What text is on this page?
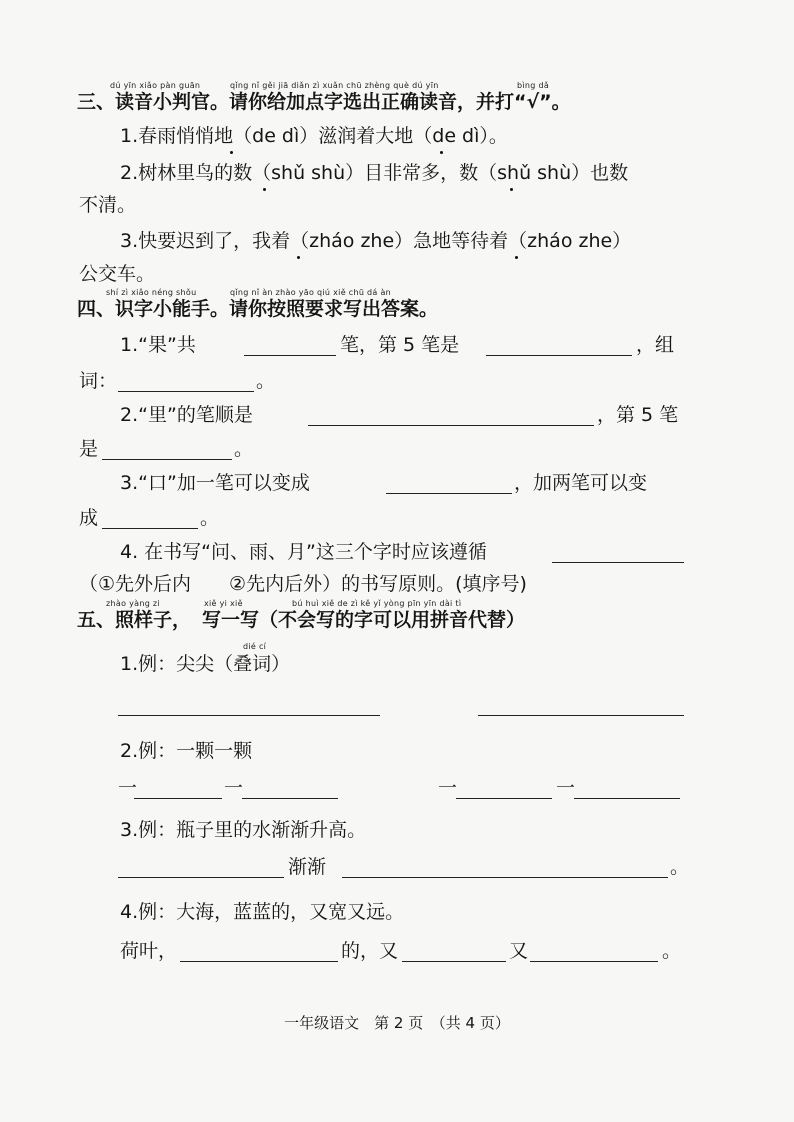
dú yīn xiǎo pàn guān	qǐng nǐ gěi jiā diǎn zì xuǎn chū zhèng què dú yīn	bìng dǎ
三、读音小判官。请你给加点字选出正确读音，并打“√”。
1.春雨悄悄地（de dì）滋润着大地（de dì）。
2.树林里鸟的数（shǔ shù）目非常多，数（shǔ shù）也数
不清。
3.快要迟到了，我着（zháo zhe）急地等待着（zháo zhe）
公交车。
shí zì xiǎo néng shǒu	qǐng nǐ àn zhào yāo qiú xiě chū dá àn
四、识字小能手。请你按照要求写出答案。
1.“果”共	笔，第 5 笔是	，组
词：	。
2.“里”的笔顺是	，第 5 笔
是	。
3.“口”加一笔可以变成	，加两笔可以变
成	。
4. 在书写“问、雨、月”这三个字时应该遵循
（①先外后内　　②先内后外）的书写原则。(填序号)
zhào yàng zi	xiě yi xiě	bú huì xiě de zì kě yǐ yòng pīn yīn dài tì
五、照样子， 写一写（不会写的字可以用拼音代替）
dié cí
1.例：尖尖（叠词）
2.例：一颗一颗
一	一	一	一
3.例：瓶子里的水渐渐升高。
渐渐	。
4.例：大海，蓝蓝的，又宽又远。
荷叶，	的，又	又	。
一年级语文　第 2 页　（共 4 页）
